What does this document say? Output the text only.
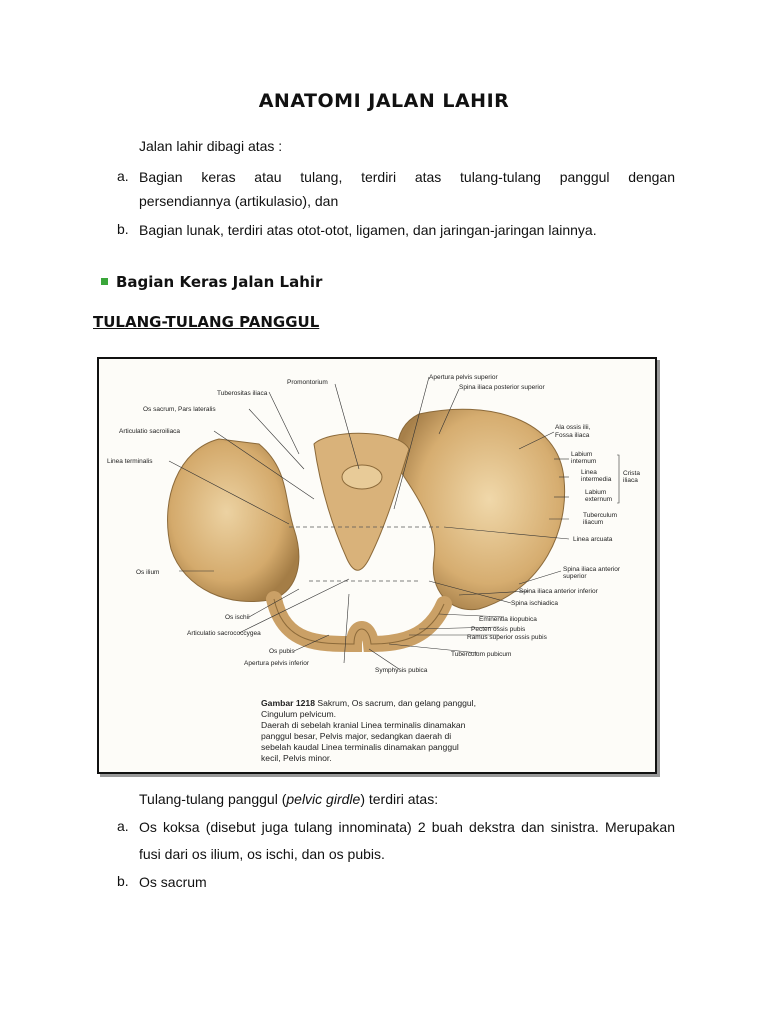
ANATOMI JALAN LAHIR
Jalan lahir dibagi atas :
a. Bagian keras atau tulang, terdiri atas tulang-tulang panggul dengan
persendiannya (artikulasio), dan
b. Bagian lunak, terdiri atas otot-otot, ligamen, dan jaringan-jaringan lainnya.
Bagian Keras Jalan Lahir
TULANG-TULANG PANGGUL
Tuberositas iliaca
Os sacrum, Pars lateralis
Articulatio sacroiliaca
Linea terminalis
Os ilium
Os ischii
Articulatio sacrococcygea
Os pubis
Apertura pelvis inferior
Promontorium
Apertura pelvis superior
Spina iliaca posterior superior
Ala ossis ilii,
Fossa iliaca
Labium
internum
Linea
intermedia
Labium
externum
Crista
iliaca
Tuberculum
iliacum
Linea arcuata
Spina iliaca anterior
superior
Spina iliaca anterior inferior
Spina ischiadica
Eminentia iliopubica
Pecten ossis pubis
Ramus superior ossis pubis
Tuberculum pubicum
Symphysis pubica
Gambar 1218 Sakrum, Os sacrum, dan gelang panggul,
Cingulum pelvicum.
Daerah di sebelah kranial Linea terminalis dinamakan
panggul besar, Pelvis major, sedangkan daerah di
sebelah kaudal Linea terminalis dinamakan panggul
kecil, Pelvis minor.
Tulang-tulang panggul (pelvic girdle) terdiri atas:
a. Os koksa (disebut juga tulang innominata) 2 buah dekstra dan sinistra. Merupakan
fusi dari os ilium, os ischi, dan os pubis.
b. Os sacrum
